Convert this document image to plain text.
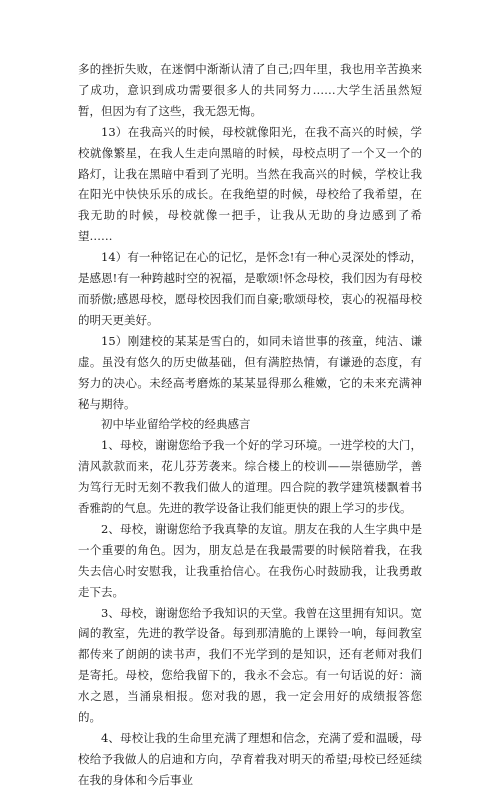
多的挫折失败，在迷惘中渐渐认清了自己;四年里，我也用辛苦换来了成功，意识到成功需要很多人的共同努力……大学生活虽然短暂，但因为有了这些，我无怨无悔。

13）在我高兴的时候，母校就像阳光，在我不高兴的时候，学校就像繁星，在我人生走向黑暗的时候，母校点明了一个又一个的路灯，让我在黑暗中看到了光明。当然在我高兴的时候，学校让我在阳光中快快乐乐的成长。在我绝望的时候，母校给了我希望，在我无助的时候，母校就像一把手，让我从无助的身边感到了希望……

14）有一种铭记在心的记忆，是怀念!有一种心灵深处的悸动，是感恩!有一种跨越时空的祝福，是歌颂!怀念母校，我们因为有母校而骄傲;感恩母校，愿母校因我们而自豪;歌颂母校，衷心的祝福母校的明天更美好。

15）刚建校的某某是雪白的，如同未谙世事的孩童，纯洁、谦虚。虽没有悠久的历史做基础，但有满腔热情，有谦逊的态度，有努力的决心。未经高考磨炼的某某显得那么稚嫩，它的未来充满神秘与期待。

初中毕业留给学校的经典感言

1、母校，谢谢您给予我一个好的学习环境。一进学校的大门，清风款款而来，花儿芬芳袭来。综合楼上的校训——崇德励学，善为笃行无时无刻不教我们做人的道理。四合院的教学建筑楼飘着书香雅韵的气息。先进的教学设备让我们能更快的跟上学习的步伐。

2、母校，谢谢您给予我真挚的友谊。朋友在我的人生字典中是一个重要的角色。因为，朋友总是在我最需要的时候陪着我，在我失去信心时安慰我，让我重拾信心。在我伤心时鼓励我，让我勇敢走下去。

3、母校，谢谢您给予我知识的天堂。我曾在这里拥有知识。宽阔的教室，先进的教学设备。每到那清脆的上课铃一响，每间教室都传来了朗朗的读书声，我们不光学到的是知识，还有老师对我们是寄托。母校，您给我留下的，我永不会忘。有一句话说的好：滴水之恩，当涌泉相报。您对我的恩，我一定会用好的成绩报答您的。

4、母校让我的生命里充满了理想和信念，充满了爱和温暖，母校给予我做人的启迪和方向，孕育着我对明天的希望;母校已经延续在我的身体和今后事业
